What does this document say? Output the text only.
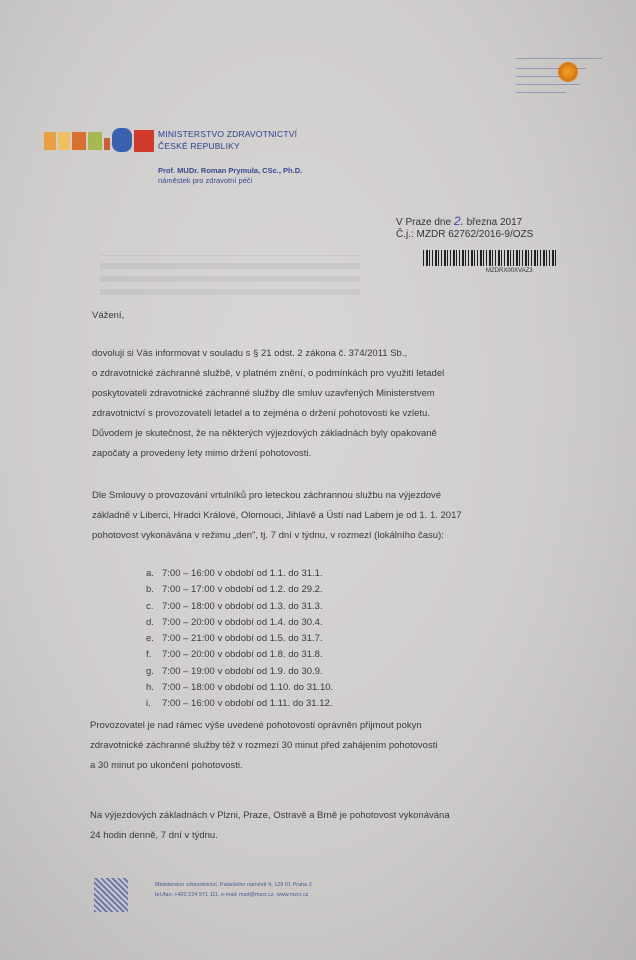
MINISTERSTVO ZDRAVOTNICTVÍ
ČESKÉ REPUBLIKY
Prof. MUDr. Roman Prymula, CSc., Ph.D.
náměstek pro zdravotní péči
V Praze dne 2. března 2017
Č.j.: MZDR 62762/2016-9/OZS
MZDRX00XVAZ3
Vážení,
dovoluji si Vás informovat v souladu s § 21 odst. 2 zákona č. 374/2011 Sb.,
o zdravotnické záchranné službě, v platném znění, o podmínkách pro využití letadel
poskytovateli zdravotnické záchranné služby dle smluv uzavřených Ministerstvem
zdravotnictví s provozovateli letadel a to zejména o držení pohotovosti ke vzletu.
Důvodem je skutečnost, že na některých výjezdových základnách byly opakovaně
započaty a provedeny lety mimo držení pohotovosti.
Dle Smlouvy o provozování vrtulníků pro leteckou záchrannou službu na výjezdové
základně v Liberci, Hradci Králové, Olomouci, Jihlavě a Ústí nad Labem je od 1. 1. 2017
pohotovost vykonávána v režimu „den", tj. 7 dní v týdnu, v rozmezí (lokálního času):
a. 7:00 – 16:00 v období od 1.1. do 31.1.
b. 7:00 – 17:00 v období od 1.2. do 29.2.
c. 7:00 – 18:00 v období od 1.3. do 31.3.
d. 7:00 – 20:00 v období od 1.4. do 30.4.
e. 7:00 – 21:00 v období od 1.5. do 31.7.
f. 7:00 – 20:00 v období od 1.8. do 31.8.
g. 7:00 – 19:00 v období od 1.9. do 30.9.
h. 7:00 – 18:00 v období od 1.10. do 31.10.
i. 7:00 – 16:00 v období od 1.11. do 31.12.
Provozovatel je nad rámec výše uvedené pohotovosti oprávněn přijmout pokyn
zdravotnické záchranné služby též v rozmezí 30 minut před zahájením pohotovosti
a 30 minut po ukončení pohotovosti.
Na výjezdových základnách v Plzni, Praze, Ostravě a Brně je pohotovost vykonávána
24 hodin denně, 7 dní v týdnu.
Ministerstvo zdravotnictví, Palackého náměstí 4, 128 01 Praha 2
tel./fax: +420 224 971 111, e-mail: mzd@mzcr.cz, www.mzcr.cz
